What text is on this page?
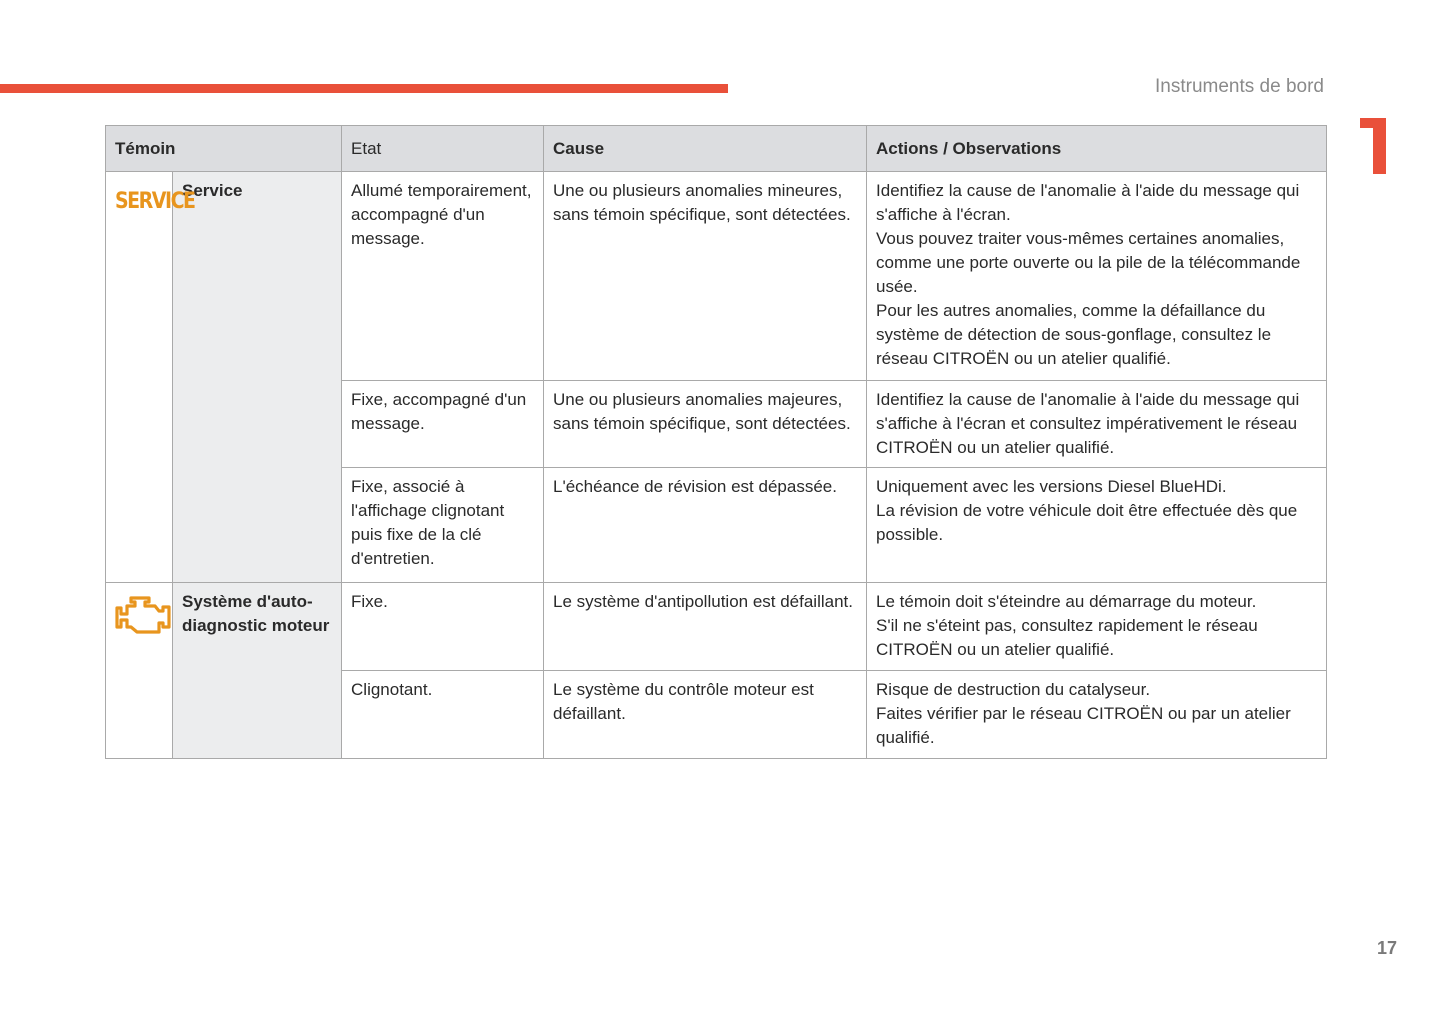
Instruments de bord
Témoin		Etat	Cause	Actions / Observations
SERVICE	Service	Allumé temporairement, accompagné d'un message.	Une ou plusieurs anomalies mineures, sans témoin spécifique, sont détectées.	Identifiez la cause de l'anomalie à l'aide du message qui s'affiche à l'écran.
Vous pouvez traiter vous-mêmes certaines anomalies, comme une porte ouverte ou la pile de la télécommande usée.
Pour les autres anomalies, comme la défaillance du système de détection de sous-gonflage, consultez le réseau CITROËN ou un atelier qualifié.

		Fixe, accompagné d'un message.	Une ou plusieurs anomalies majeures, sans témoin spécifique, sont détectées.	Identifiez la cause de l'anomalie à l'aide du message qui s'affiche à l'écran et consultez impérativement le réseau CITROËN ou un atelier qualifié.

		Fixe, associé à l'affichage clignotant puis fixe de la clé d'entretien.	L'échéance de révision est dépassée.	Uniquement avec les versions Diesel BlueHDi.
La révision de votre véhicule doit être effectuée dès que possible.

	Système d'auto-diagnostic moteur	Fixe.	Le système d'antipollution est défaillant.	Le témoin doit s'éteindre au démarrage du moteur.
S'il ne s'éteint pas, consultez rapidement le réseau CITROËN ou un atelier qualifié.

		Clignotant.	Le système du contrôle moteur est défaillant.	Risque de destruction du catalyseur.
Faites vérifier par le réseau CITROËN ou par un atelier qualifié.
17
